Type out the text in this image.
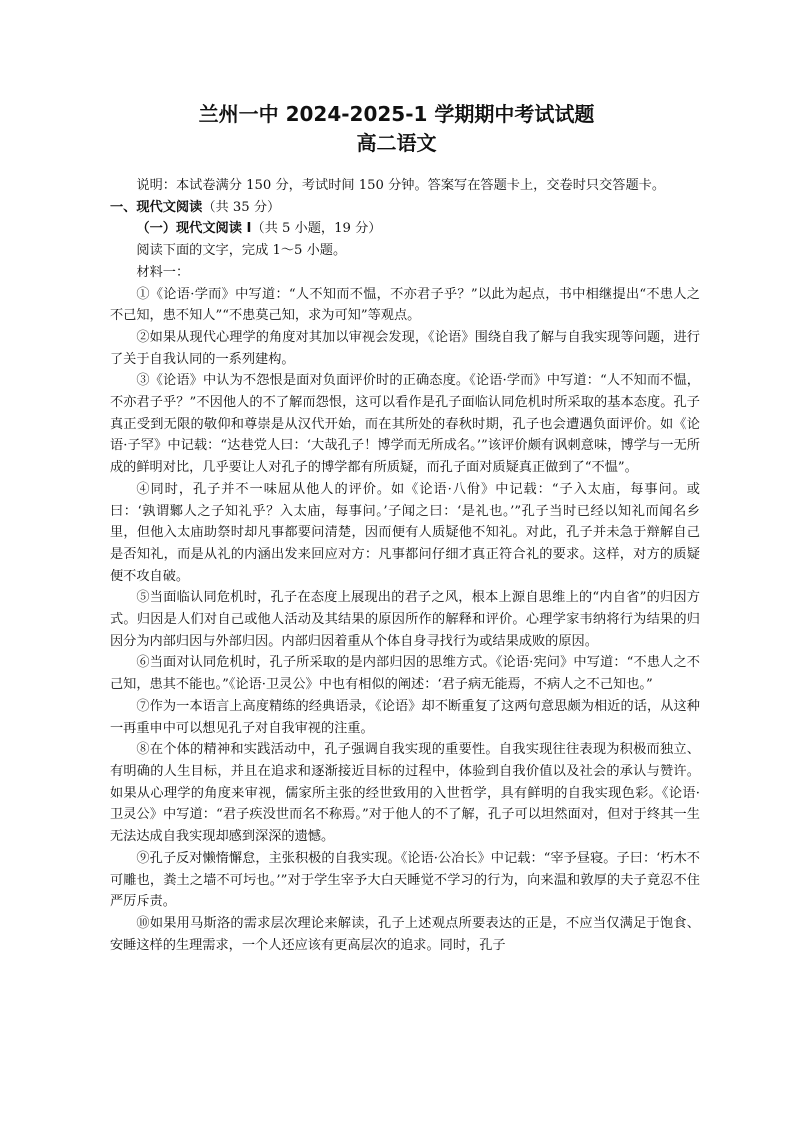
兰州一中 2024-2025-1 学期期中考试试题
高二语文

说明：本试卷满分 150 分，考试时间 150 分钟。答案写在答题卡上，交卷时只交答题卡。

一、现代文阅读（共 35 分）

（一）现代文阅读 I（共 5 小题，19 分）

阅读下面的文字，完成 1～5 小题。

材料一：

①《论语·学而》中写道：“人不知而不愠，不亦君子乎？”以此为起点，书中相继提出“不患人之不己知，患不知人”“不患莫己知，求为可知”等观点。

②如果从现代心理学的角度对其加以审视会发现，《论语》围绕自我了解与自我实现等问题，进行了关于自我认同的一系列建构。

③《论语》中认为不怨恨是面对负面评价时的正确态度。《论语·学而》中写道：“人不知而不愠，不亦君子乎？”不因他人的不了解而怨恨，这可以看作是孔子面临认同危机时所采取的基本态度。孔子真正受到无限的敬仰和尊崇是从汉代开始，而在其所处的春秋时期，孔子也会遭遇负面评价。如《论语·子罕》中记载：“达巷党人曰：‘大哉孔子！博学而无所成名。’”该评价颇有讽刺意味，博学与一无所成的鲜明对比，几乎要让人对孔子的博学都有所质疑，而孔子面对质疑真正做到了“不愠”。

④同时，孔子并不一味屈从他人的评价。如《论语·八佾》中记载：“子入太庙，每事问。或曰：‘孰谓鄹人之子知礼乎？入太庙，每事问。’子闻之曰：‘是礼也。’”孔子当时已经以知礼而闻名乡里，但他入太庙助祭时却凡事都要问清楚，因而便有人质疑他不知礼。对此，孔子并未急于辩解自己是否知礼，而是从礼的内涵出发来回应对方：凡事都问仔细才真正符合礼的要求。这样，对方的质疑便不攻自破。

⑤当面临认同危机时，孔子在态度上展现出的君子之风，根本上源自思维上的“内自省”的归因方式。归因是人们对自己或他人活动及其结果的原因所作的解释和评价。心理学家韦纳将行为结果的归因分为内部归因与外部归因。内部归因着重从个体自身寻找行为或结果成败的原因。

⑥当面对认同危机时，孔子所采取的是内部归因的思维方式。《论语·宪问》中写道：“不患人之不己知，患其不能也。”《论语·卫灵公》中也有相似的阐述：‘君子病无能焉，不病人之不己知也。”

⑦作为一本语言上高度精练的经典语录，《论语》却不断重复了这两句意思颇为相近的话，从这种一再重申中可以想见孔子对自我审视的注重。

⑧在个体的精神和实践活动中，孔子强调自我实现的重要性。自我实现往往表现为积极而独立、有明确的人生目标，并且在追求和逐渐接近目标的过程中，体验到自我价值以及社会的承认与赞许。如果从心理学的角度来审视，儒家所主张的经世致用的入世哲学，具有鲜明的自我实现色彩。《论语·卫灵公》中写道：“君子疾没世而名不称焉。”对于他人的不了解，孔子可以坦然面对，但对于终其一生无法达成自我实现却感到深深的遗憾。

⑨孔子反对懒惰懈怠，主张积极的自我实现。《论语·公冶长》中记载：“宰予昼寝。子曰：‘朽木不可雕也，粪土之墙不可圬也。’”对于学生宰予大白天睡觉不学习的行为，向来温和敦厚的夫子竟忍不住严厉斥责。

⑩如果用马斯洛的需求层次理论来解读，孔子上述观点所要表达的正是，不应当仅满足于饱食、安睡这样的生理需求，一个人还应该有更高层次的追求。同时，孔子
